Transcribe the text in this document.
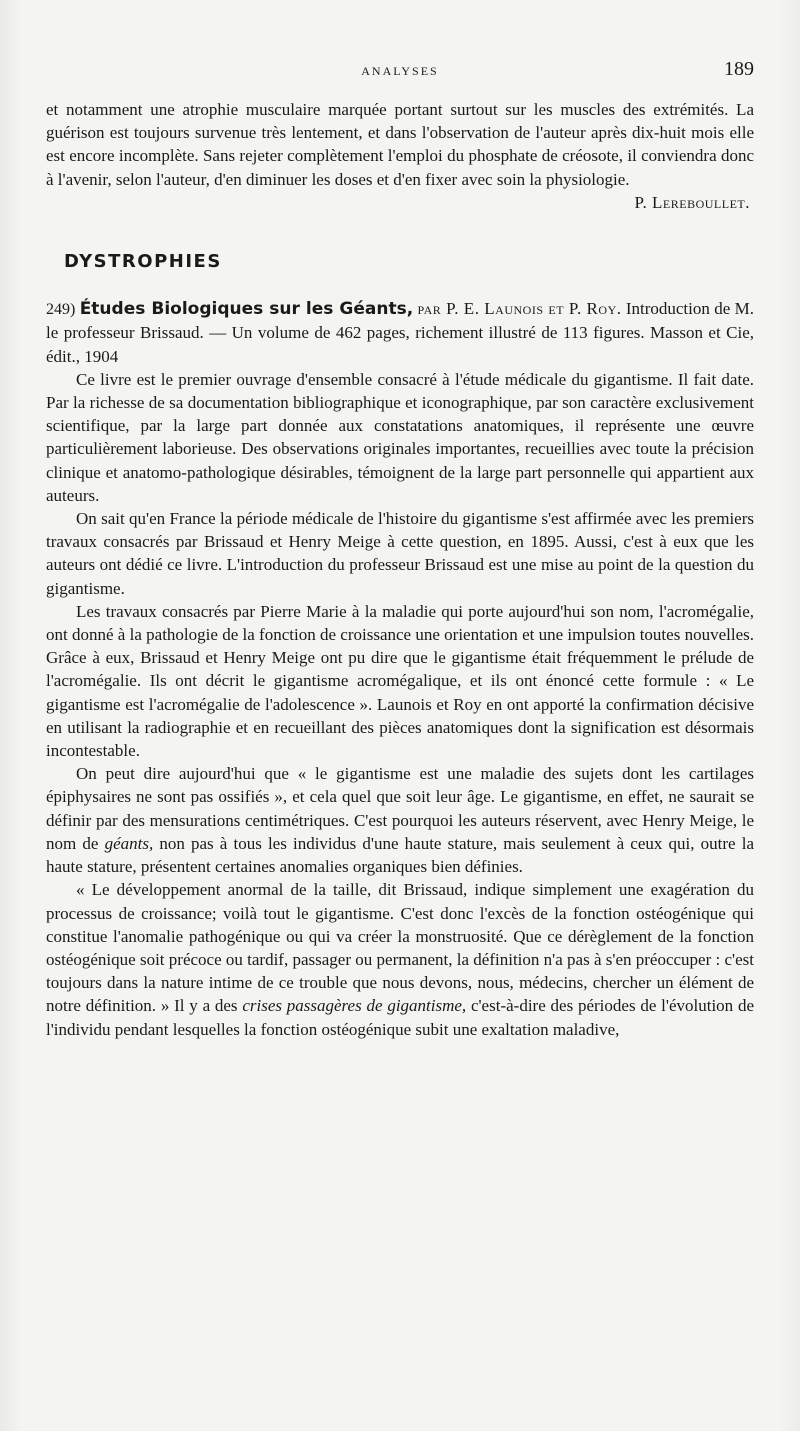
ANALYSES	189

et notamment une atrophie musculaire marquée portant surtout sur les muscles des extrémités. La guérison est toujours survenue très lentement, et dans l'observation de l'auteur après dix-huit mois elle est encore incomplète. Sans rejeter complètement l'emploi du phosphate de créosote, il conviendra donc à l'avenir, selon l'auteur, d'en diminuer les doses et d'en fixer avec soin la physiologie.

P. Lereboullet.

DYSTROPHIES

249) Études Biologiques sur les Géants, par P. E. Launois et P. Roy. Introduction de M. le professeur Brissaud. — Un volume de 462 pages, richement illustré de 113 figures. Masson et Cie, édit., 1904

Ce livre est le premier ouvrage d'ensemble consacré à l'étude médicale du gigantisme. Il fait date. Par la richesse de sa documentation bibliographique et iconographique, par son caractère exclusivement scientifique, par la large part donnée aux constatations anatomiques, il représente une œuvre particulièrement laborieuse. Des observations originales importantes, recueillies avec toute la précision clinique et anatomo-pathologique désirables, témoignent de la large part personnelle qui appartient aux auteurs.

On sait qu'en France la période médicale de l'histoire du gigantisme s'est affirmée avec les premiers travaux consacrés par Brissaud et Henry Meige à cette question, en 1895. Aussi, c'est à eux que les auteurs ont dédié ce livre. L'introduction du professeur Brissaud est une mise au point de la question du gigantisme.

Les travaux consacrés par Pierre Marie à la maladie qui porte aujourd'hui son nom, l'acromégalie, ont donné à la pathologie de la fonction de croissance une orientation et une impulsion toutes nouvelles. Grâce à eux, Brissaud et Henry Meige ont pu dire que le gigantisme était fréquemment le prélude de l'acromégalie. Ils ont décrit le gigantisme acromégalique, et ils ont énoncé cette formule : « Le gigantisme est l'acromégalie de l'adolescence ». Launois et Roy en ont apporté la confirmation décisive en utilisant la radiographie et en recueillant des pièces anatomiques dont la signification est désormais incontestable.

On peut dire aujourd'hui que « le gigantisme est une maladie des sujets dont les cartilages épiphysaires ne sont pas ossifiés », et cela quel que soit leur âge. Le gigantisme, en effet, ne saurait se définir par des mensurations centimétriques. C'est pourquoi les auteurs réservent, avec Henry Meige, le nom de géants, non pas à tous les individus d'une haute stature, mais seulement à ceux qui, outre la haute stature, présentent certaines anomalies organiques bien définies.

« Le développement anormal de la taille, dit Brissaud, indique simplement une exagération du processus de croissance; voilà tout le gigantisme. C'est donc l'excès de la fonction ostéogénique qui constitue l'anomalie pathogénique ou qui va créer la monstruosité. Que ce dérèglement de la fonction ostéogénique soit précoce ou tardif, passager ou permanent, la définition n'a pas à s'en préoccuper : c'est toujours dans la nature intime de ce trouble que nous devons, nous, médecins, chercher un élément de notre définition. » Il y a des crises passagères de gigantisme, c'est-à-dire des périodes de l'évolution de l'individu pendant lesquelles la fonction ostéogénique subit une exaltation maladive,
